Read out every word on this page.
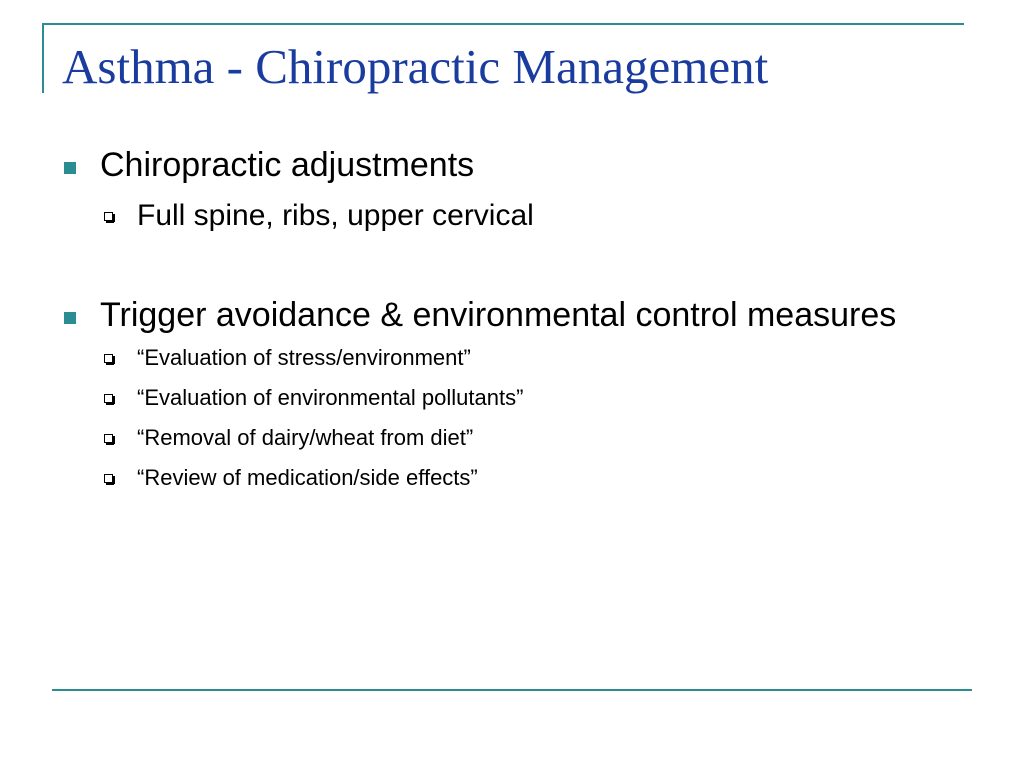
Asthma - Chiropractic Management
Chiropractic adjustments
Full spine, ribs, upper cervical
Trigger avoidance & environmental control measures
“Evaluation of stress/environment”
“Evaluation of environmental pollutants”
“Removal of dairy/wheat from diet”
“Review of medication/side effects”
